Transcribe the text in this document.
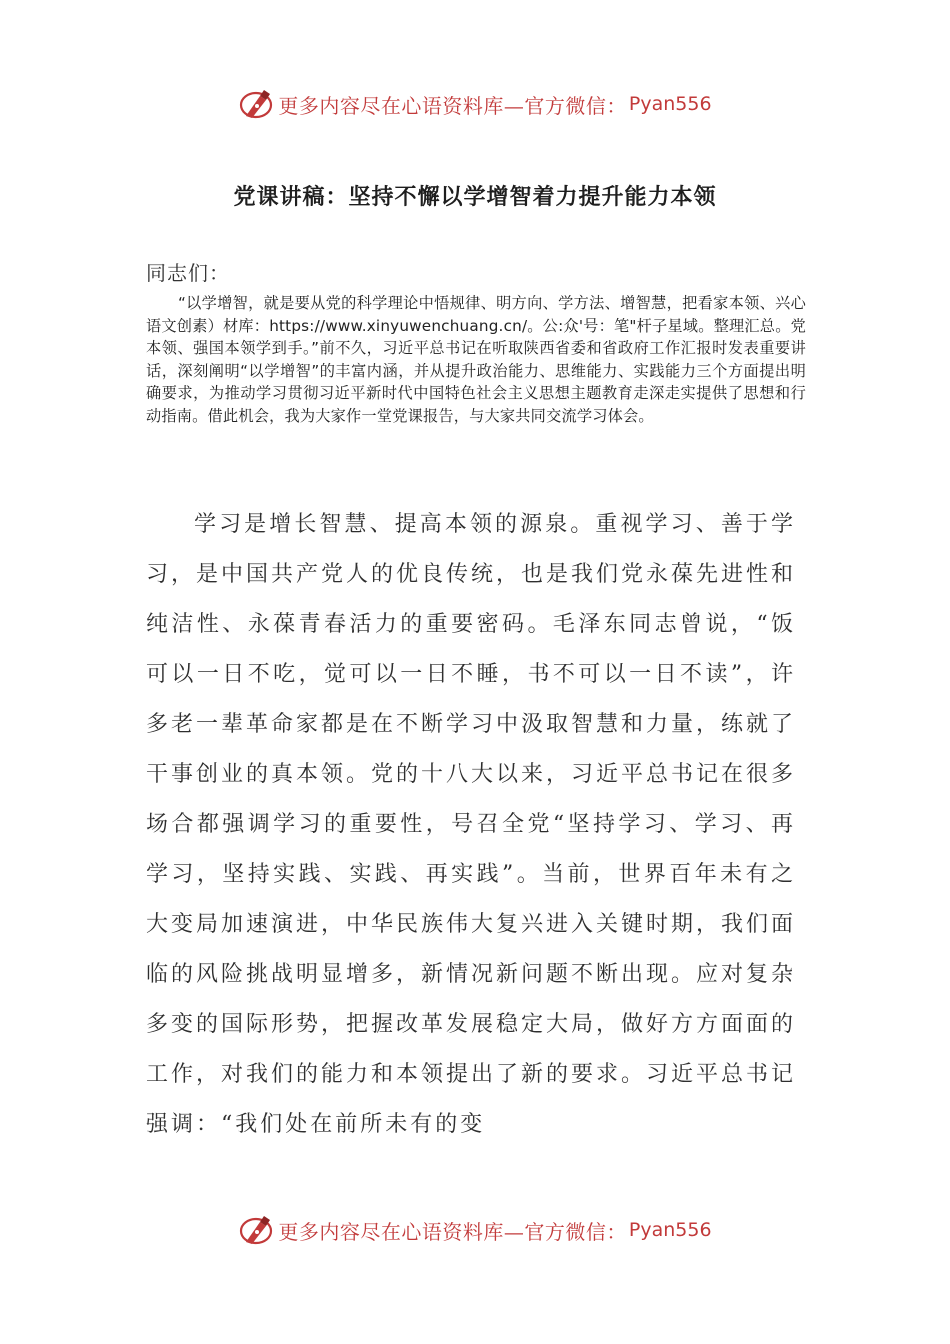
更多内容尽在心语资料库—官方微信： Pyan556
党课讲稿：坚持不懈以学增智着力提升能力本领
同志们：
“以学增智，就是要从党的科学理论中悟规律、明方向、学方法、增智慧，把看家本领、兴心语文创素）材库：https://www.xinyuwenchuang.cn/。公:众'号：笔"杆子星域。整理汇总。党本领、强国本领学到手。”前不久，习近平总书记在听取陕西省委和省政府工作汇报时发表重要讲话，深刻阐明“以学增智”的丰富内涵，并从提升政治能力、思维能力、实践能力三个方面提出明确要求，为推动学习贯彻习近平新时代中国特色社会主义思想主题教育走深走实提供了思想和行动指南。借此机会，我为大家作一堂党课报告，与大家共同交流学习体会。
学习是增长智慧、提高本领的源泉。重视学习、善于学习，是中国共产党人的优良传统，也是我们党永葆先进性和纯洁性、永葆青春活力的重要密码。毛泽东同志曾说，“饭可以一日不吃，觉可以一日不睡，书不可以一日不读”，许多老一辈革命家都是在不断学习中汲取智慧和力量，练就了干事创业的真本领。党的十八大以来，习近平总书记在很多场合都强调学习的重要性，号召全党“坚持学习、学习、再学习，坚持实践、实践、再实践”。当前，世界百年未有之大变局加速演进，中华民族伟大复兴进入关键时期，我们面临的风险挑战明显增多，新情况新问题不断出现。应对复杂多变的国际形势，把握改革发展稳定大局，做好方方面面的工作，对我们的能力和本领提出了新的要求。习近平总书记强调：“我们处在前所未有的变
更多内容尽在心语资料库—官方微信： Pyan556
